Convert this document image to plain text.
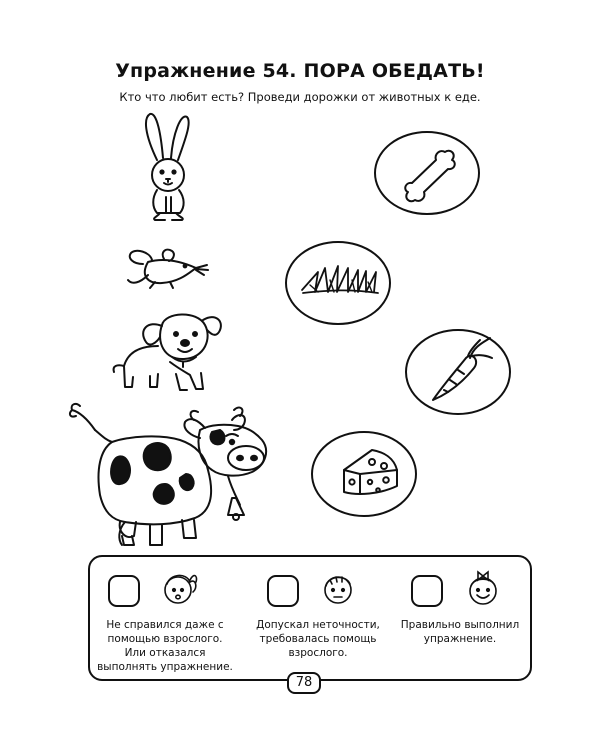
Упражнение 54. ПОРА ОБЕДАТЬ!
Кто что любит есть? Проведи дорожки от животных к еде.
Не справился даже с
помощью взрослого.
Или отказался
выполнять упражнение.
Допускал неточности,
требовалась помощь
взрослого.
Правильно выполнил
упражнение.
78
